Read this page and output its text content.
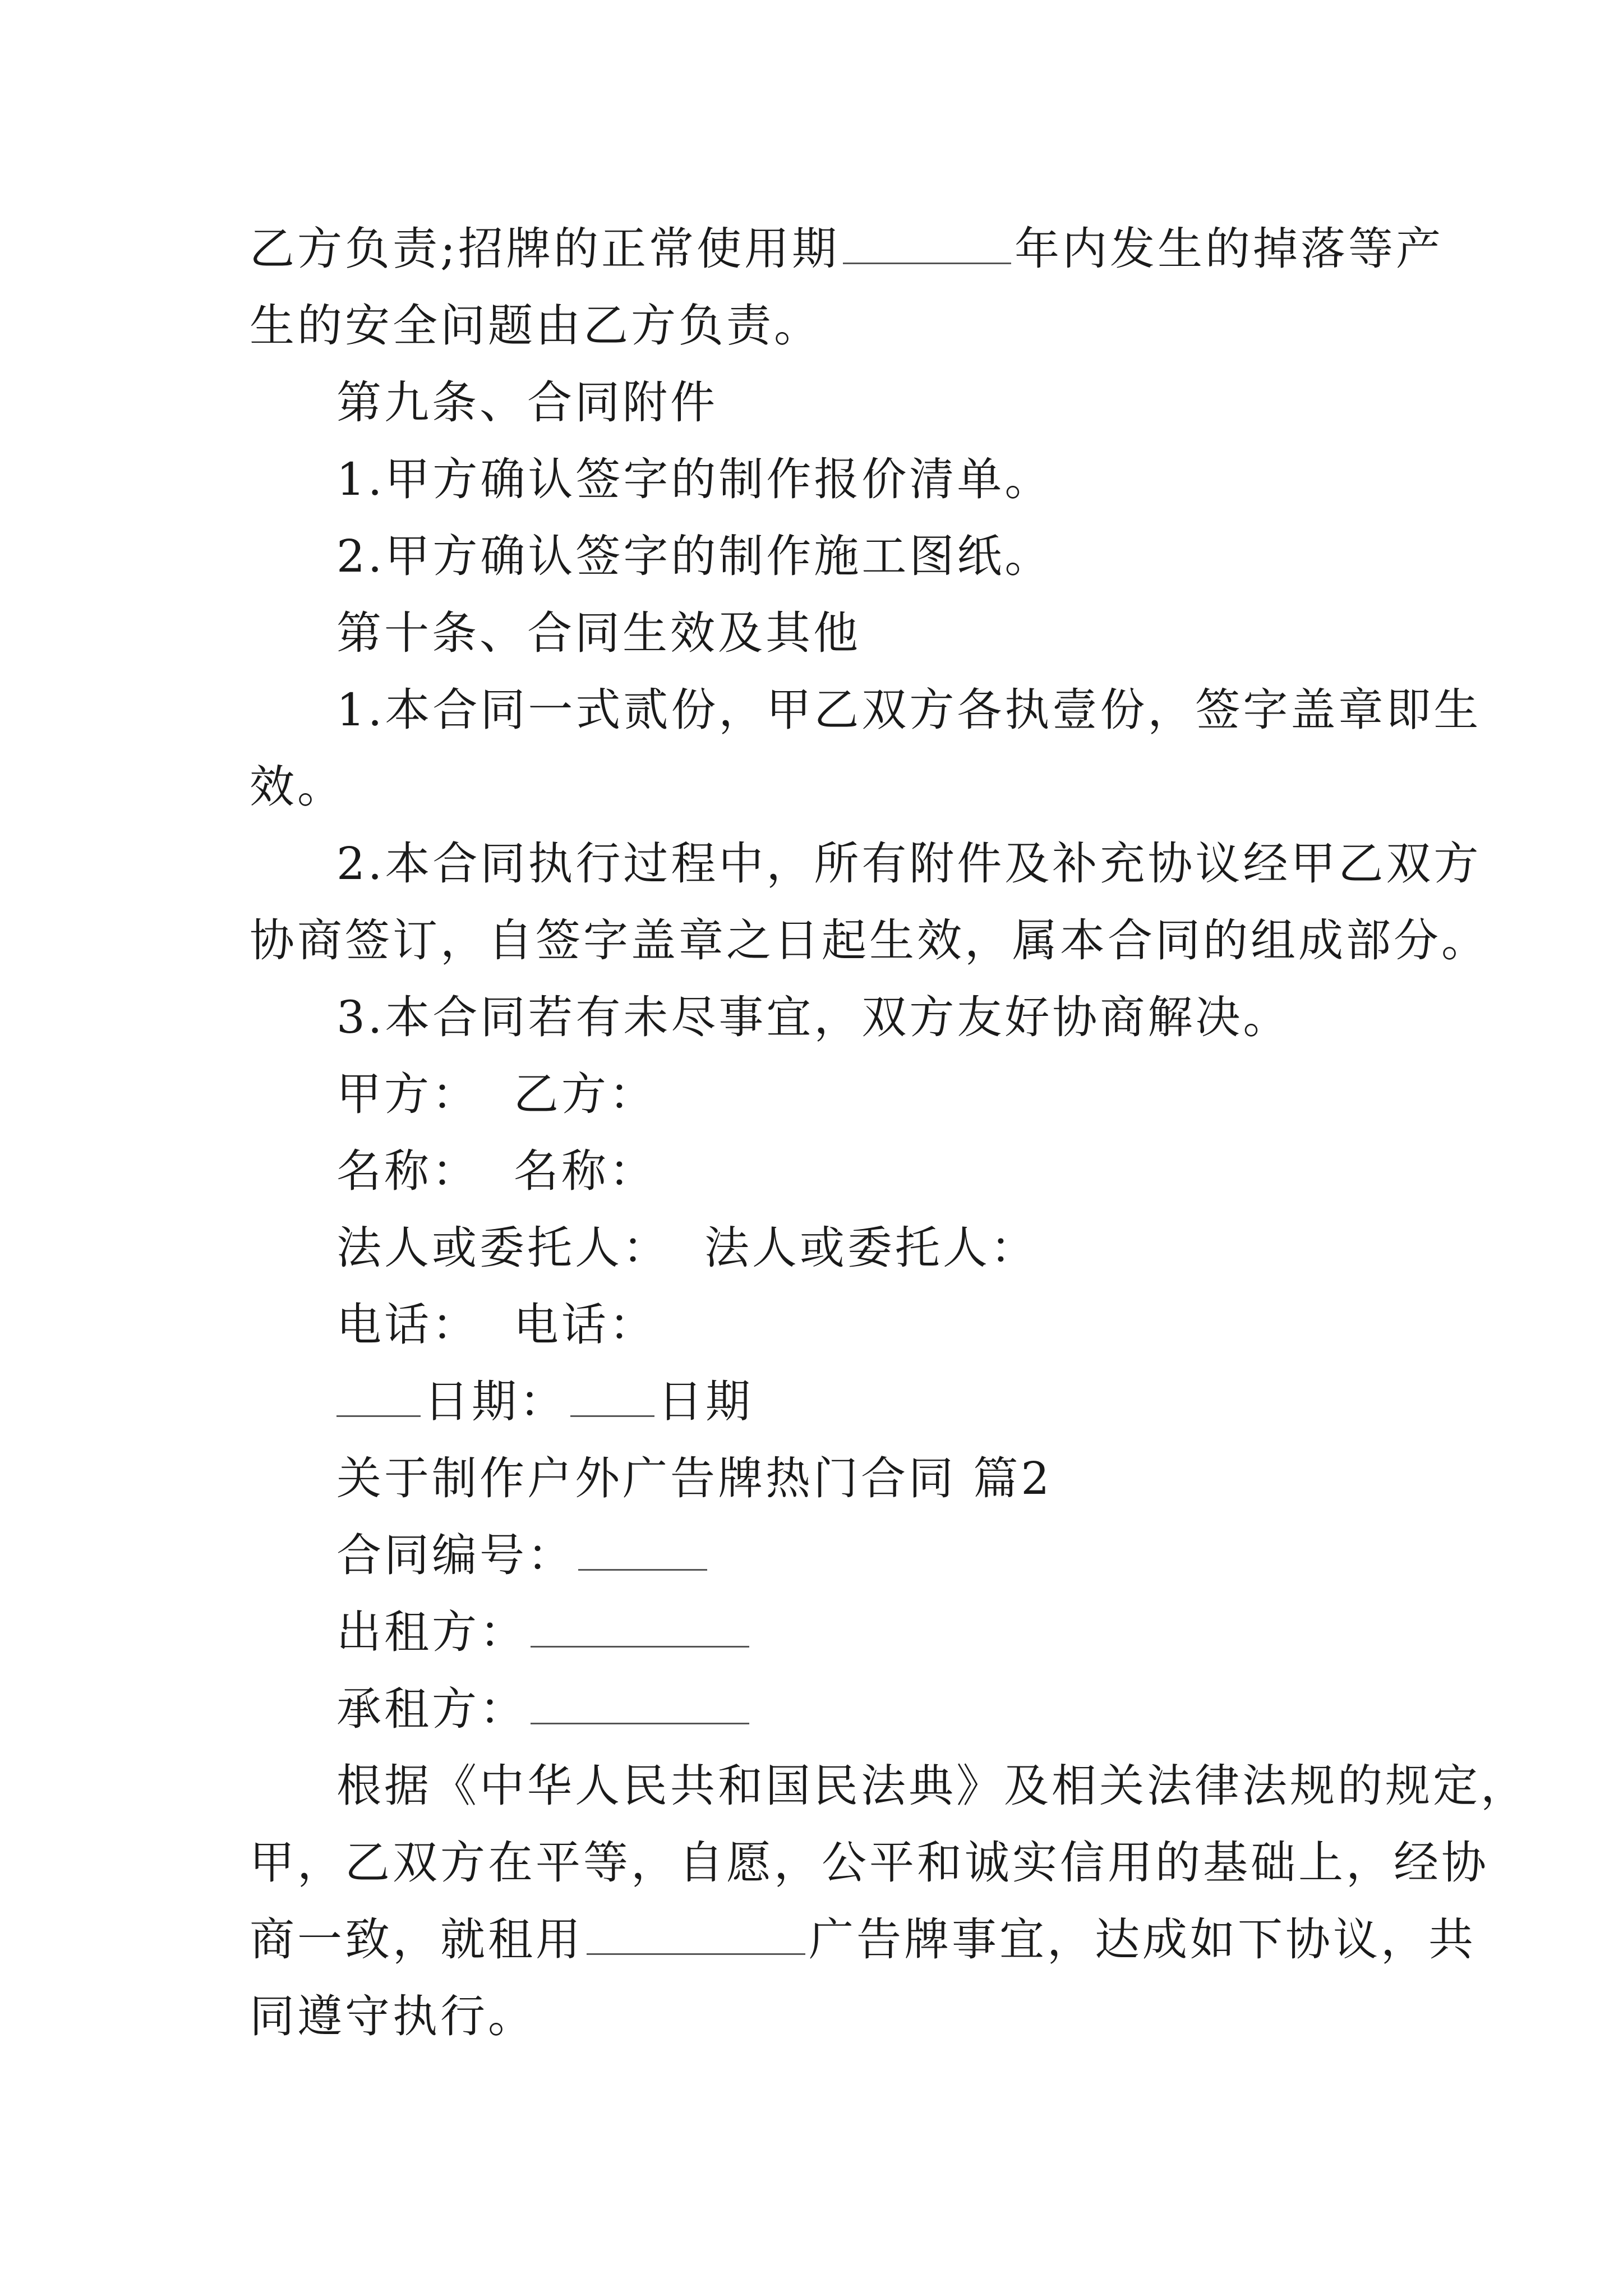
乙方负责;招牌的正常使用期	年内发生的掉落等产
生的安全问题由乙方负责。
第九条、合同附件
1.甲方确认签字的制作报价清单。
2.甲方确认签字的制作施工图纸。
第十条、合同生效及其他
1.本合同一式贰份，甲乙双方各执壹份，签字盖章即生
效。
2.本合同执行过程中，所有附件及补充协议经甲乙双方
协商签订，自签字盖章之日起生效，属本合同的组成部分。
3.本合同若有未尽事宜，双方友好协商解决。
甲方：  乙方：
名称：  名称：
法人或委托人：  法人或委托人：
电话：  电话：
日期： 日期
关于制作户外广告牌热门合同 篇2
合同编号：
出租方：
承租方：
根据《中华人民共和国民法典》及相关法律法规的规定，
甲，乙双方在平等，自愿，公平和诚实信用的基础上，经协
商一致，就租用	广告牌事宜，达成如下协议，共
同遵守执行。
